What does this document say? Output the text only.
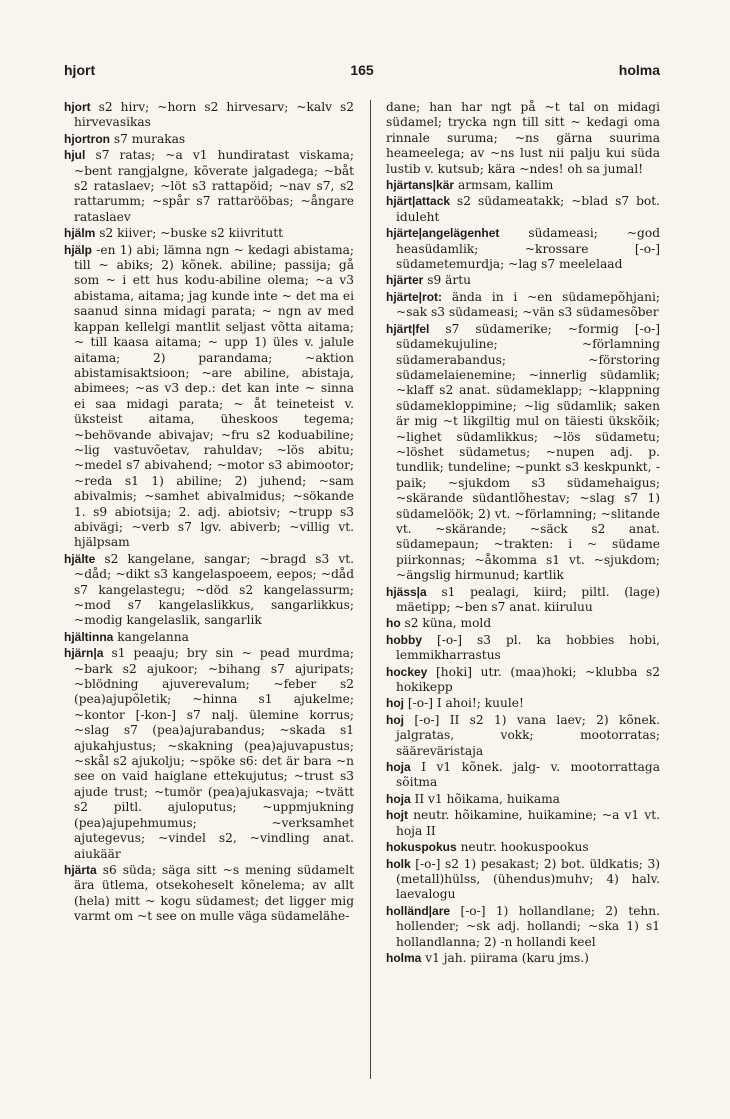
hjort	165	holma
hjort s2 hirv; ~horn s2 hirvesarv; ~kalv s2 hirvevasikas
hjortron s7 murakas
hjul s7 ratas; ~a v1 hundiratast viskama; ~bent rangjalgne, kõverate jalgadega; ~båt s2 rataslaev; ~löt s3 rattapöid; ~nav s7, s2 rattarumm; ~spår s7 rattarööbas; ~ångare rataslaev
hjälm s2 kiiver; ~buske s2 kiivritutt
hjälp -en 1) abi; lämna ngn ~ kedagi abistama; till ~ abiks; 2) kõnek. abiline; passija; gå som ~ i ett hus kodu-abiline olema; ~a v3 abistama, aitama; jag kunde inte ~ det ma ei saanud sinna midagi parata; ~ ngn av med kappan kellelgi mantlit seljast võtta aitama; ~ till kaasa aitama; ~ upp 1) üles v. jalule aitama; 2) parandama; ~aktion abistamisaktsioon; ~are abiline, abistaja, abimees; ~as v3 dep.: det kan inte ~ sinna ei saa midagi parata; ~ åt teineteist v. üksteist aitama, üheskoos tegema; ~behövande abivajav; ~fru s2 koduabiline; ~lig vastuvõetav, rahuldav; ~lös abitu; ~medel s7 abivahend; ~motor s3 abimootor; ~reda s1 1) abiline; 2) juhend; ~sam abivalmis; ~samhet abivalmidus; ~sökande 1. s9 abiotsija; 2. adj. abiotsiv; ~trupp s3 abivägi; ~verb s7 lgv. abiverb; ~villig vt. hjälpsam
hjälte s2 kangelane, sangar; ~bragd s3 vt. ~dåd; ~dikt s3 kangelaspoeem, eepos; ~dåd s7 kangelastegu; ~död s2 kangelassurm; ~mod s7 kangelaslikkus, sangarlikkus; ~modig kangelaslik, sangarlik
hjältinna kangelanna
hjärn|a s1 peaaju; bry sin ~ pead murdma; ~bark s2 ajukoor; ~bihang s7 ajuripats; ~blödning ajuverevalum; ~feber s2 (pea)ajupõletik; ~hinna s1 ajukelme; ~kontor [-kon-] s7 nalj. ülemine korrus; ~slag s7 (pea)ajurabandus; ~skada s1 ajukahjustus; ~skakning (pea)ajuvapustus; ~skål s2 ajukolju; ~spöke s6: det är bara ~n see on vaid haiglane ettekujutus; ~trust s3 ajude trust; ~tumör (pea)ajukasvaja; ~tvätt s2 piltl. ajuloputus; ~uppmjukning (pea)ajupehmumus; ~verksamhet ajutegevus; ~vindel s2, ~vindling anat. aiukäär
hjärta s6 süda; säga sitt ~s mening südamelt ära ütlema, otsekoheselt kõnelema; av allt (hela) mitt ~ kogu südamest; det ligger mig varmt om ~t see on mulle väga südamelähe-
dane; han har ngt på ~t tal on midagi südamel; trycka ngn till sitt ~ kedagi oma rinnale suruma; ~ns gärna suurima heameelega; av ~ns lust nii palju kui süda lustib v. kutsub; kära ~ndes! oh sa jumal!
hjärtans|kär armsam, kallim
hjärt|attack s2 südameatakk; ~blad s7 bot. iduleht
hjärte|angelägenhet südameasi; ~god heasüdamlik; ~krossare [-o-] südametemurdja; ~lag s7 meelelaad
hjärter s9 ärtu
hjärte|rot: ända in i ~en südamepõhjani; ~sak s3 südameasi; ~vän s3 südamesõber
hjärt|fel s7 südamerike; ~formig [-o-] südamekujuline; ~förlamning südamerabandus; ~förstoring südamelaienemine; ~innerlig südamlik; ~klaff s2 anat. südameklapp; ~klappning südamekloppimine; ~lig südamlik; saken är mig ~t likgiltig mul on täiesti ükskõik; ~lighet südamlikkus; ~lös südametu; ~löshet südametus; ~nupen adj. p. tundlik; tundeline; ~punkt s3 keskpunkt, -paik; ~sjukdom s3 südamehaigus; ~skärande südantlõhestav; ~slag s7 1) südamelöök; 2) vt. ~förlamning; ~slitande vt. ~skärande; ~säck s2 anat. südamepaun; ~trakten: i ~ südame piirkonnas; ~åkomma s1 vt. ~sjukdom; ~ängslig hirmunud; kartlik
hjäss|a s1 pealagi, kiird; piltl. (lage) mäetipp; ~ben s7 anat. kiiruluu
ho s2 küna, mold
hobby [-o-] s3 pl. ka hobbies hobi, lemmikharrastus
hockey [hoki] utr. (maa)hoki; ~klubba s2 hokikepp
hoj [-o-] I ahoi!; kuule!
hoj [-o-] II s2 1) vana laev; 2) kõnek. jalgratas, vokk; mootorratas; sääreväristaja
hoja I v1 kõnek. jalg- v. mootorrattaga sõitma
hoja II v1 hõikama, huikama
hojt neutr. hõikamine, huikamine; ~a v1 vt. hoja II
hokuspokus neutr. hookuspookus
holk [-o-] s2 1) pesakast; 2) bot. üldkatis; 3) (metall)hülss, (ühendus)muhv; 4) halv. laevalogu
holländ|are [-o-] 1) hollandlane; 2) tehn. hollender; ~sk adj. hollandi; ~ska 1) s1 hollandlanna; 2) -n hollandi keel
holma v1 jah. piirama (karu jms.)
